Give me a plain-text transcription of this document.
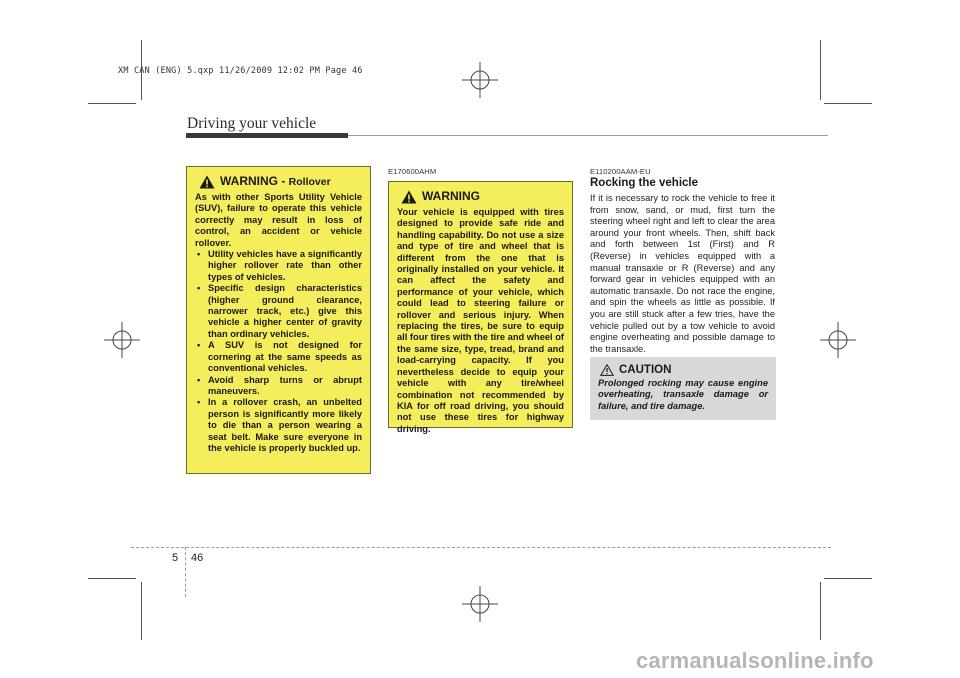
XM CAN (ENG) 5.qxp 11/26/2009 12:02 PM Page 46
Driving your vehicle
WARNING - Rollover

As with other Sports Utility Vehicle (SUV), failure to operate this vehicle correctly may result in loss of control, an accident or vehicle rollover.

• Utility vehicles have a significantly higher rollover rate than other types of vehicles.
• Specific design characteristics (higher ground clearance, narrower track, etc.) give this vehicle a higher center of gravity than ordinary vehicles.
• A SUV is not designed for cornering at the same speeds as conventional vehicles.
• Avoid sharp turns or abrupt maneuvers.
• In a rollover crash, an unbelted person is significantly more likely to die than a person wearing a seat belt. Make sure everyone in the vehicle is properly buckled up.
E170600AHM
WARNING

Your vehicle is equipped with tires designed to provide safe ride and handling capability. Do not use a size and type of tire and wheel that is different from the one that is originally installed on your vehicle. It can affect the safety and performance of your vehicle, which could lead to steering failure or rollover and serious injury. When replacing the tires, be sure to equip all four tires with the tire and wheel of the same size, type, tread, brand and load-carrying capacity. If you nevertheless decide to equip your vehicle with any tire/wheel combination not recommended by KIA for off road driving, you should not use these tires for highway driving.

E110200AAM-EU
Rocking the vehicle

If it is necessary to rock the vehicle to free it from snow, sand, or mud, first turn the steering wheel right and left to clear the area around your front wheels. Then, shift back and forth between 1st (First) and R (Reverse) in vehicles equipped with a manual transaxle or R (Reverse) and any forward gear in vehicles equipped with an automatic transaxle. Do not race the engine, and spin the wheels as little as possible. If you are still stuck after a few tries, have the vehicle pulled out by a tow vehicle to avoid engine overheating and possible damage to the transaxle.

CAUTION

Prolonged rocking may cause engine overheating, transaxle damage or failure, and tire damage.

5 46
carmanualsonline.info
